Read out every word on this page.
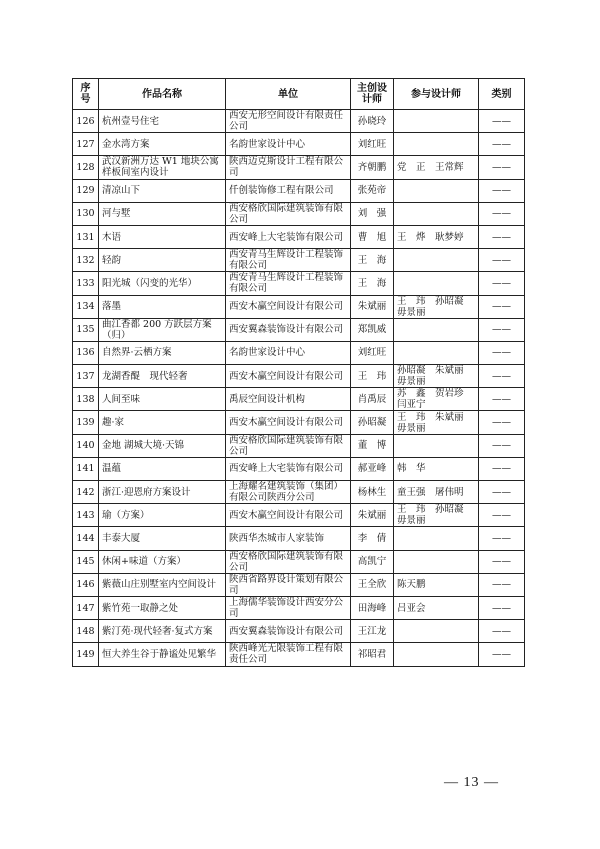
序号	作品名称	单位	主创设计师	参与设计师	类别
126	杭州壹号住宅	西安无形空间设计有限责任公司	孙晓玲		——
127	金水湾方案	名韵世家设计中心	刘红旺		——
128	武汉新洲万达 W1 地块公寓样板间室内设计	陕西迈克斯设计工程有限公司	齐朝鹏	党　正　王常辉	——
129	清凉山下	仟创装饰修工程有限公司	张苑帝		——
130	河与墅	西安格欣国际建筑装饰有限公司	刘　强		——
131	木语	西安峰上大宅装饰有限公司	曹　旭	王　烨　耿梦婷	——
132	轻韵	西安青马生辉设计工程装饰有限公司	王　海		——
133	阳光城（闪变的光华）	西安青马生辉设计工程装饰有限公司	王　海		——
134	落墨	西安木赢空间设计有限公司	朱斌丽	王　玮　孙昭凝　毋景丽	——
135	曲江香都 200 方跃层方案（归）	西安翼森装饰设计有限公司	郑凯威		——
136	自然界·云栖方案	名韵世家设计中心	刘红旺		——
137	龙湖香醍　现代轻奢	西安木赢空间设计有限公司	王　玮	孙昭凝　朱斌丽　毋景丽	——
138	人间至味	禹辰空间设计机构	肖禹辰	苏　鑫　贺岩珍　闫亚宁	——
139	趣·家	西安木赢空间设计有限公司	孙昭凝	王　玮　朱斌丽　毋景丽	——
140	金地 湖城大境·天锦	西安格欣国际建筑装饰有限公司	董　博		——
141	温蕴	西安峰上大宅装饰有限公司	郝亚峰	韩　华	——
142	浙江·迎恩府方案设计	上海耀名建筑装饰（集团）有限公司陕西分公司	杨林生	童王强　屠伟明	——
143	瑜（方案）	西安木赢空间设计有限公司	朱斌丽	王　玮　孙昭凝　毋景丽	——
144	丰泰大厦	陕西华杰城市人家装饰	李　倩		——
145	休闲+味道（方案）	西安格欣国际建筑装饰有限公司	高凯宁		——
146	紫薇山庄别墅室内空间设计	陕西省路界设计策划有限公司	王全欣	陈天鹏	——
147	紫竹苑一取静之处	上海儒华装饰设计西安分公司	田海峰	吕亚会	——
148	紫汀苑·现代轻奢·复式方案	西安翼森装饰设计有限公司	王江龙		——
149	恒大养生谷于静谧处见繁华	陕西峰光无限装饰工程有限责任公司	祁昭君		——
— 13 —
